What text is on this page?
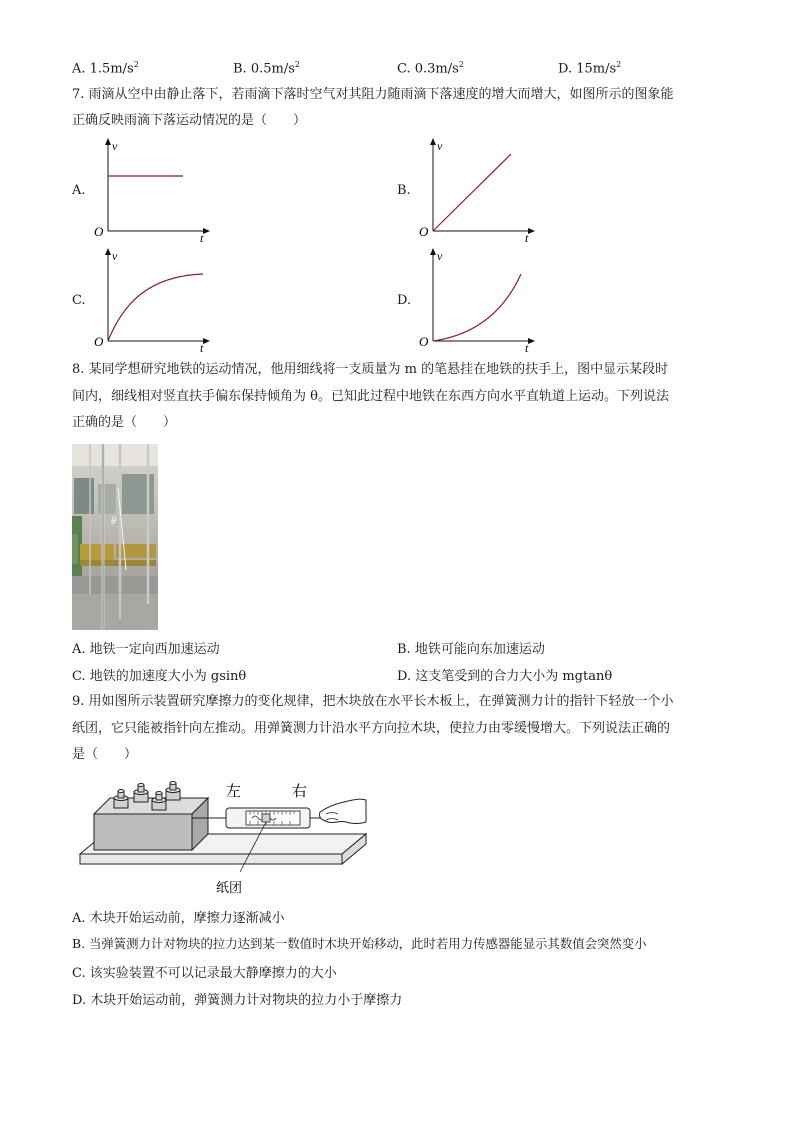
A. $1.5m/s^2$	B. $0.5m/s^2$	C. $0.3m/s^2$	D. $15m/s^2$
7. 雨滴从空中由静止落下，若雨滴下落时空气对其阻力随雨滴下落速度的增大而增大，如图所示的图象能
正确反映雨滴下落运动情况的是（　　）
A.
v
O	t
B.
v
O	t
C.
v
O	t
D.
v
O	t
8. 某同学想研究地铁的运动情况，他用细线将一支质量为 m 的笔悬挂在地铁的扶手上，图中显示某段时
间内，细线相对竖直扶手偏东保持倾角为 θ。已知此过程中地铁在东西方向水平直轨道上运动。下列说法
正确的是（　　）
θ
A. 地铁一定向西加速运动	B. 地铁可能向东加速运动
C. 地铁的加速度大小为 gsinθ	D. 这支笔受到的合力大小为 mgtanθ
9. 用如图所示装置研究摩擦力的变化规律，把木块放在水平长木板上，在弹簧测力计的指针下轻放一个小
纸团，它只能被指针向左推动。用弹簧测力计沿水平方向拉木块，使拉力由零缓慢增大。下列说法正确的
是（　　）
左	右
纸团
A. 木块开始运动前，摩擦力逐渐减小
B. 当弹簧测力计对物块的拉力达到某一数值时木块开始移动，此时若用力传感器能显示其数值会突然变小
C. 该实验装置不可以记录最大静摩擦力的大小
D. 木块开始运动前，弹簧测力计对物块的拉力小于摩擦力
